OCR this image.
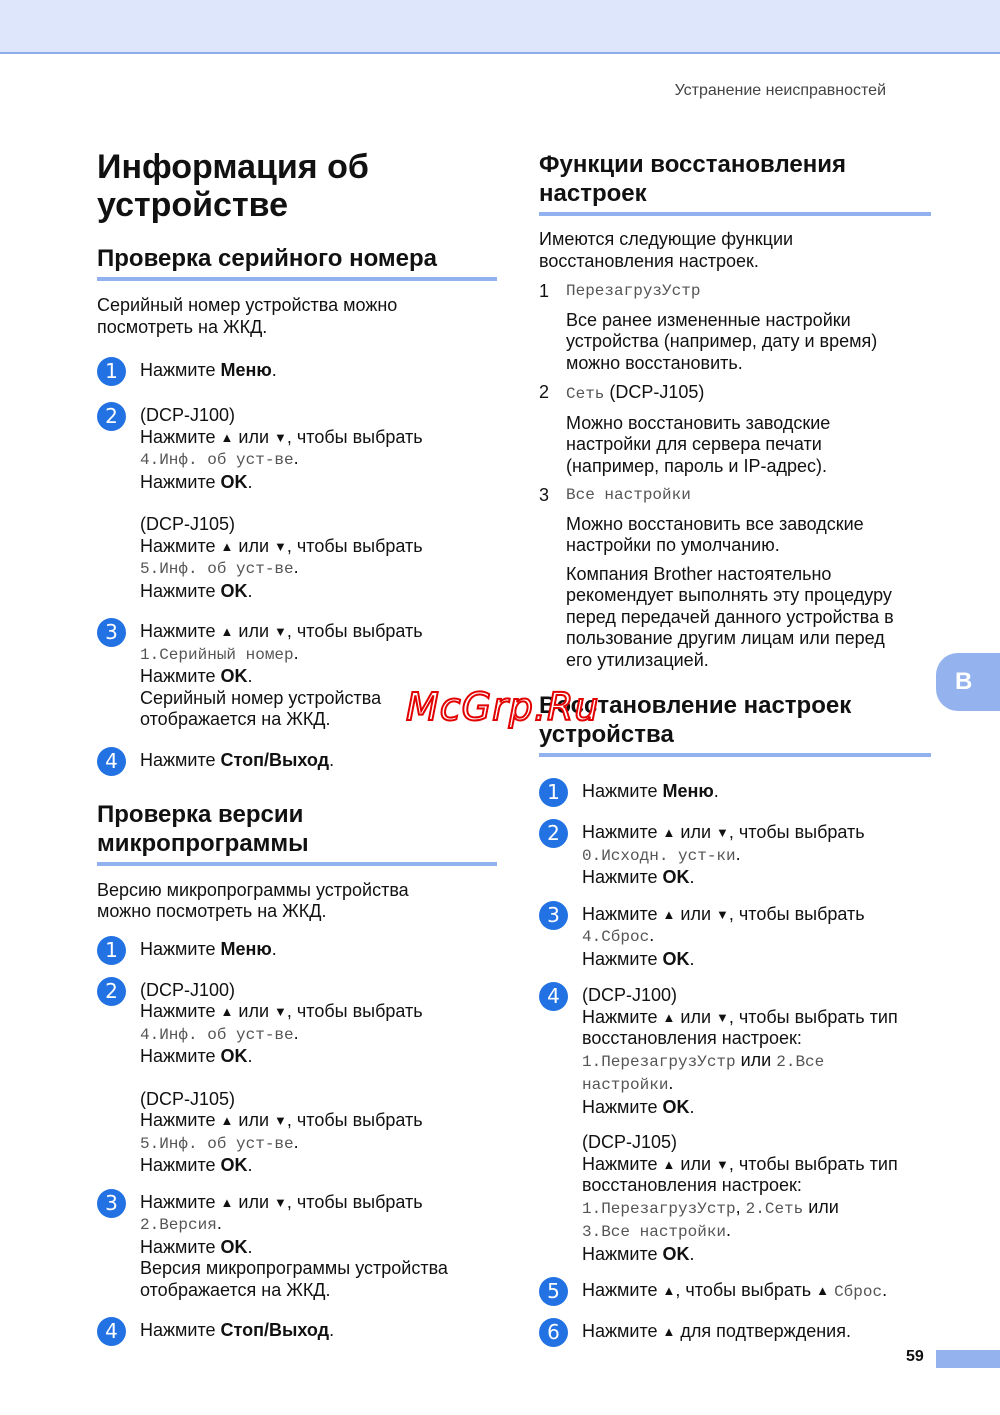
Устранение неисправностей
Информация об
устройстве
Проверка серийного номера

Серийный номер устройства можно
посмотреть на ЖКД.

1	Нажмите Меню.
2	(DCP-J100)
Нажмите ▲ или ▼, чтобы выбрать
4.Инф. об уст-ве.
Нажмите OK.
(DCP-J105)
Нажмите ▲ или ▼, чтобы выбрать
5.Инф. об уст-ве.
Нажмите OK.
3	Нажмите ▲ или ▼, чтобы выбрать
1.Серийный номер.
Нажмите OK.
Серийный номер устройства
отображается на ЖКД.
4	Нажмите Стоп/Выход.
Проверка версии
микропрограммы

Версию микропрограммы устройства
можно посмотреть на ЖКД.

1	Нажмите Меню.
2	(DCP-J100)
Нажмите ▲ или ▼, чтобы выбрать
4.Инф. об уст-ве.
Нажмите OK.
(DCP-J105)
Нажмите ▲ или ▼, чтобы выбрать
5.Инф. об уст-ве.
Нажмите OK.
3	Нажмите ▲ или ▼, чтобы выбрать
2.Версия.
Нажмите OK.
Версия микропрограммы устройства
отображается на ЖКД.
4	Нажмите Стоп/Выход.
Функции восстановления
настроек

Имеются следующие функции
восстановления настроек.

1	ПерезагрузУстр
Все ранее измененные настройки
устройства (например, дату и время)
можно восстановить.
2	Сеть (DCP-J105)
Можно восстановить заводские
настройки для сервера печати
(например, пароль и IP-адрес).
3	Все настройки
Можно восстановить все заводские
настройки по умолчанию.
Компания Brother настоятельно
рекомендует выполнять эту процедуру
перед передачей данного устройства в
пользование другим лицам или перед
его утилизацией.
Восстановление настроек
устройства
1	Нажмите Меню.
2	Нажмите ▲ или ▼, чтобы выбрать
0.Исходн. уст-ки.
Нажмите OK.
3	Нажмите ▲ или ▼, чтобы выбрать
4.Сброс.
Нажмите OK.
4	(DCP-J100)
Нажмите ▲ или ▼, чтобы выбрать тип
восстановления настроек:
1.ПерезагрузУстр или 2.Все
настройки.
Нажмите OK.
(DCP-J105)
Нажмите ▲ или ▼, чтобы выбрать тип
восстановления настроек:
1.ПерезагрузУстр, 2.Сеть или
3.Все настройки.
Нажмите OK.
5	Нажмите ▲, чтобы выбрать ▲ Сброс.
6	Нажмите ▲ для подтверждения.
B
59
McGrp.Ru
